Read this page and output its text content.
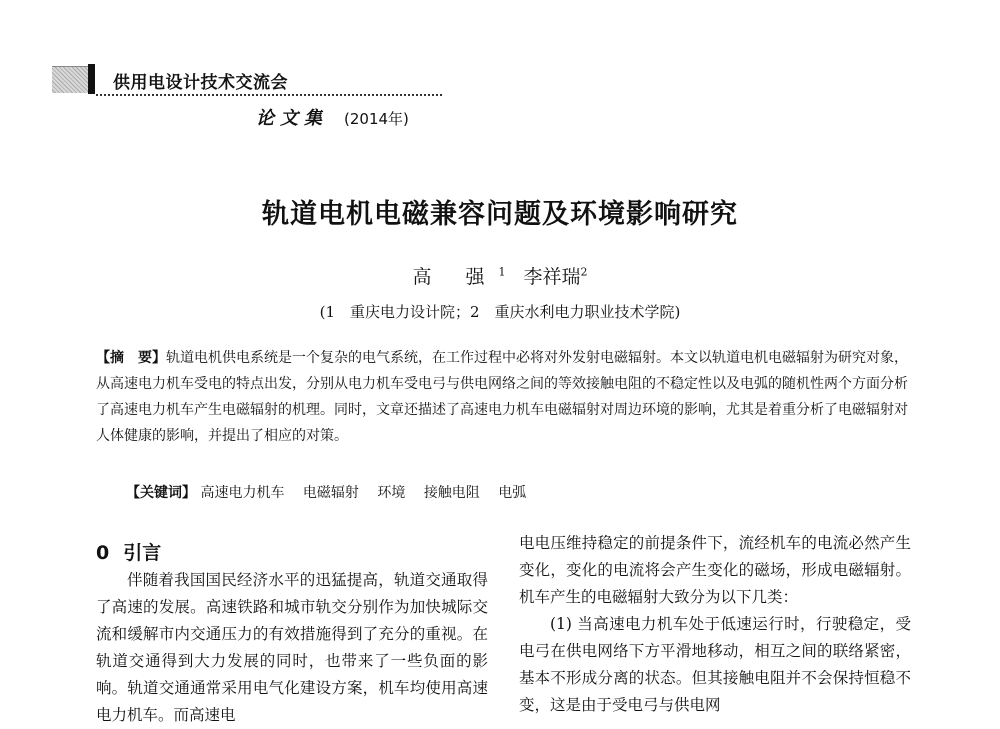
供用电设计技术交流会
论文集 (2014年)
轨道电机电磁兼容问题及环境影响研究
高 强$^1$ 李祥瑞$^2$
(1　重庆电力设计院；2　重庆水利电力职业技术学院)
【摘　要】轨道电机供电系统是一个复杂的电气系统，在工作过程中必将对外发射电磁辐射。本文以轨道电机电磁辐射为研究对象，从高速电力机车受电的特点出发，分别从电力机车受电弓与供电网络之间的等效接触电阻的不稳定性以及电弧的随机性两个方面分析了高速电力机车产生电磁辐射的机理。同时，文章还描述了高速电力机车电磁辐射对周边环境的影响，尤其是着重分析了电磁辐射对人体健康的影响，并提出了相应的对策。
【关键词】 高速电力机车 电磁辐射 环境 接触电阻 电弧
0 引言

伴随着我国国民经济水平的迅猛提高，轨道交通取得了高速的发展。高速铁路和城市轨交分别作为加快城际交流和缓解市内交通压力的有效措施得到了充分的重视。在轨道交通得到大力发展的同时，也带来了一些负面的影响。轨道交通通常采用电气化建设方案，机车均使用高速电力机车。而高速电

电电压维持稳定的前提条件下，流经机车的电流必然产生变化，变化的电流将会产生变化的磁场，形成电磁辐射。机车产生的电磁辐射大致分为以下几类：

(1) 当高速电力机车处于低速运行时，行驶稳定，受电弓在供电网络下方平滑地移动，相互之间的联络紧密，基本不形成分离的状态。但其接触电阻并不会保持恒稳不变，这是由于受电弓与供电网
